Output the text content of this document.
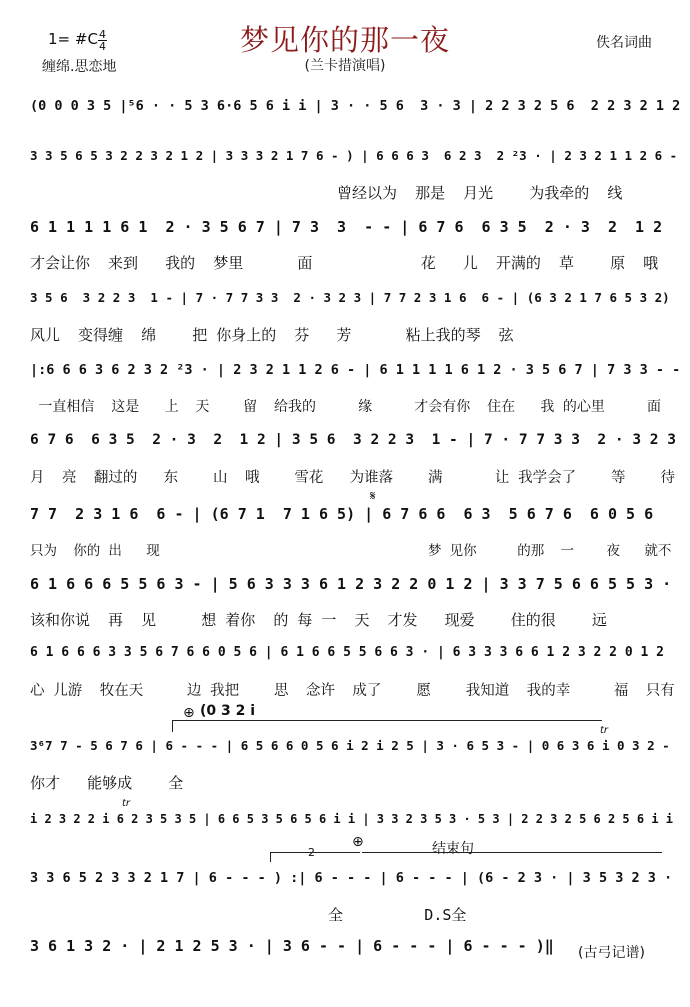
梦见你的那一夜
(兰卡措演唱)
1= #C 4
4
缠绵.思恋地
佚名词曲
(0 0 0 3 5 |⁵6 · · 5 3 6·6 5 6 i i | 3 · · 5 6  3 · 3 | 2 2 3 2 5 6  2 2 3 2 1 2
3 3 5 6 5 3 2 2 3 2 1 2 | 3 3 3 2 1 7 6 - ) | 6 6 6 3  6 2 3  2 ²3 · | 2 3 2 1 1 2 6 -
曾经以为  那是  月光    为我牵的  线
6 1 1 1 1 6 1  2 · 3 5 6 7 | 7 3  3  - - | 6 7 6  6 3 5  2 · 3  2  1 2
才会让你  来到   我的  梦里      面            花   儿  开满的  草    原  哦
3 5 6  3 2 2 3  1 - | 7 · 7 7 3 3  2 · 3 2 3 | 7 7 2 3 1 6  6 - | (6 3 2 1 7 6 5 3 2)
风儿  变得缠  绵    把 你身上的  芬   芳      粘上我的琴  弦
|:6 6 6 3 6 2 3 2 ²3 · | 2 3 2 1 1 2 6 - | 6 1 1 1 1 6 1 2 · 3 5 6 7 | 7 3 3 - -
一直相信  这是   上  天    留  给我的     缘     才会有你  住在   我 的心里     面
6 7 6  6 3 5  2 · 3  2  1 2 | 3 5 6  3 2 2 3  1 - | 7 · 7 7 3 3  2 · 3 2 3
月  亮  翻过的   东    山  哦    雪花   为谁落    满      让 我学会了    等    待
7 7  2 3 1 6  6 - | (6 7 1  7 1 6 5) | 6 7 6 6  6 3  5 6 7 6  6 0 5 6
只为  你的 出   现                                 梦 见你     的那  一    夜   就不
6 1 6 6 6 5 5 6 3 - | 5 6 3 3 3 6 1 2 3 2 2 0 1 2 | 3 3 7 5 6 6 5 5 3 ·
该和你说  再  见     想 着你  的 每 一  天  才发   现爱    住的很    远
6 1 6 6 6 3 3 5 6 7 6 6 0 5 6 | 6 1 6 6 5 5 6 6 3 · | 6 3 3 3 6 6 1 2 3 2 2 0 1 2
心 儿游  牧在天     边 我把    思  念许  成了    愿    我知道  我的幸     福  只有
3⁶7 7 - 5 6 7 6 | 6 - - - | 6 5 6 6 0 5 6 i 2 i 2 5 | 3 · 6 5 3 - | 0 6 3 6 i 0 3 2 -
你才   能够成    全
i 2 3 2 2 i 6 2 3 5 3 5 | 6 6 5 3 5 6 5 6 i i | 3 3 2 3 5 3 · 5 3 | 2 2 3 2 5 6 2 5 6 i i
3 3 6 5 2 3 3 2 1 7 | 6 - - - ) :| 6 - - - | 6 - - - | (6 - 2 3 · | 3 5 3 2 3 ·
全         D.S全
3 6 1 3 2 · | 2 1 2 5 3 · | 3 6 - - | 6 - - - | 6 - - - )‖
𝄋
⊕ (0 3 2 i
⊕	结束句
2
tr
tr
(古弓记谱)
